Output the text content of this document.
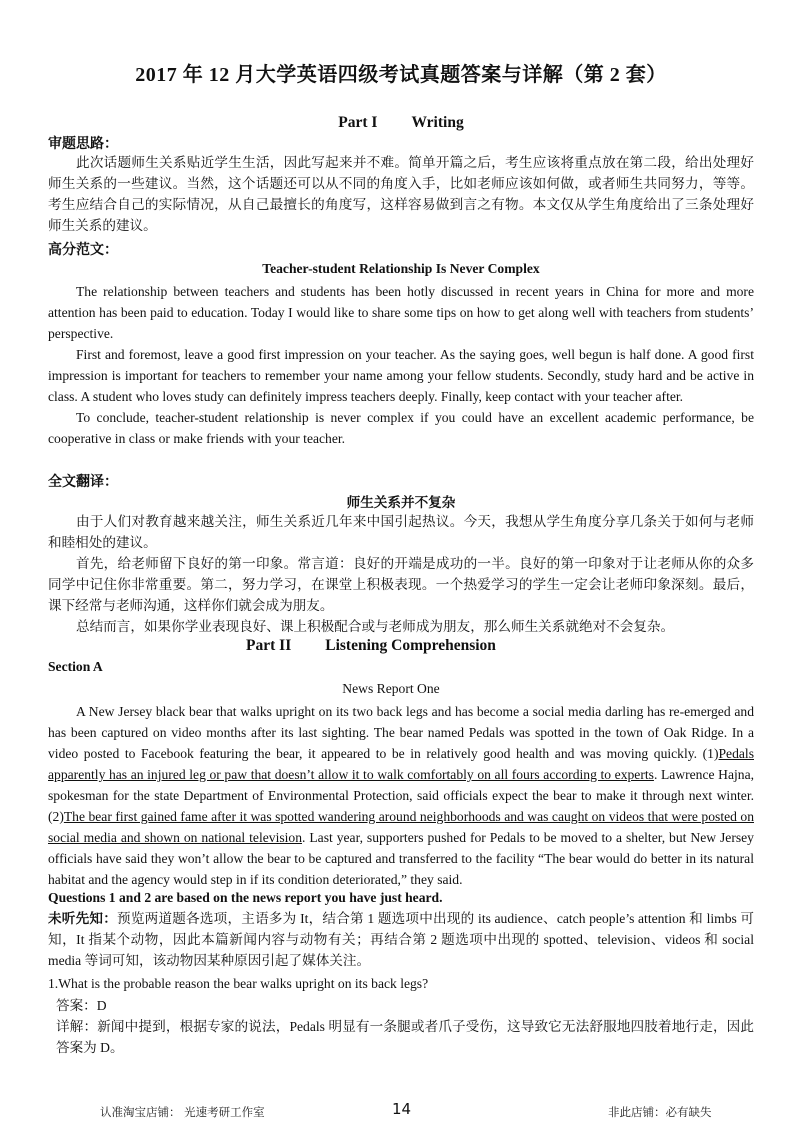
2017 年 12 月大学英语四级考试真题答案与详解（第 2 套）
Part I Writing
审题思路：

此次话题师生关系贴近学生生活，因此写起来并不难。简单开篇之后，考生应该将重点放在第二段，给出处理好师生关系的一些建议。当然，这个话题还可以从不同的角度入手，比如老师应该如何做，或者师生共同努力，等等。考生应结合自己的实际情况，从自己最擅长的角度写，这样容易做到言之有物。本文仅从学生角度给出了三条处理好师生关系的建议。

高分范文：
Teacher-student Relationship Is Never Complex

The relationship between teachers and students has been hotly discussed in recent years in China for more and more attention has been paid to education. Today I would like to share some tips on how to get along well with teachers from students’ perspective.

First and foremost, leave a good first impression on your teacher. As the saying goes, well begun is half done. A good first impression is important for teachers to remember your name among your fellow students. Secondly, study hard and be active in class. A student who loves study can definitely impress teachers deeply. Finally, keep contact with your teacher after.

To conclude, teacher-student relationship is never complex if you could have an excellent academic performance, be cooperative in class or make friends with your teacher.

全文翻译：
师生关系并不复杂

由于人们对教育越来越关注，师生关系近几年来中国引起热议。今天，我想从学生角度分享几条关于如何与老师和睦相处的建议。

首先，给老师留下良好的第一印象。常言道：良好的开端是成功的一半。良好的第一印象对于让老师从你的众多同学中记住你非常重要。第二，努力学习，在课堂上积极表现。一个热爱学习的学生一定会让老师印象深刻。最后，课下经常与老师沟通，这样你们就会成为朋友。

总结而言，如果你学业表现良好、课上积极配合或与老师成为朋友，那么师生关系就绝对不会复杂。

Part II Listening Comprehension
Section A
News Report One

A New Jersey black bear that walks upright on its two back legs and has become a social media darling has re-emerged and has been captured on video months after its last sighting. The bear named Pedals was spotted in the town of Oak Ridge. In a video posted to Facebook featuring the bear, it appeared to be in relatively good health and was moving quickly. (1)Pedals apparently has an injured leg or paw that doesn’t allow it to walk comfortably on all fours according to experts. Lawrence Hajna, spokesman for the state Department of Environmental Protection, said officials expect the bear to make it through next winter. (2)The bear first gained fame after it was spotted wandering around neighborhoods and was caught on videos that were posted on social media and shown on national television. Last year, supporters pushed for Pedals to be moved to a shelter, but New Jersey officials have said they won’t allow the bear to be captured and transferred to the facility “The bear would do better in its natural habitat and the agency would step in if its condition deteriorated,” they said.

Questions 1 and 2 are based on the news report you have just heard.
未听先知：预览两道题各选项，主语多为 It，结合第 1 题选项中出现的 its audience、catch people’s attention 和 limbs 可知，It 指某个动物，因此本篇新闻内容与动物有关；再结合第 2 题选项中出现的 spotted、television、videos 和 social media 等词可知，该动物因某种原因引起了媒体关注。
1.What is the probable reason the bear walks upright on its back legs?
答案：D
详解：新闻中提到，根据专家的说法，Pedals 明显有一条腿或者爪子受伤，这导致它无法舒服地四肢着地行走，因此答案为 D。
认准淘宝店铺： 光速考研工作室	14	非此店铺：必有缺失
